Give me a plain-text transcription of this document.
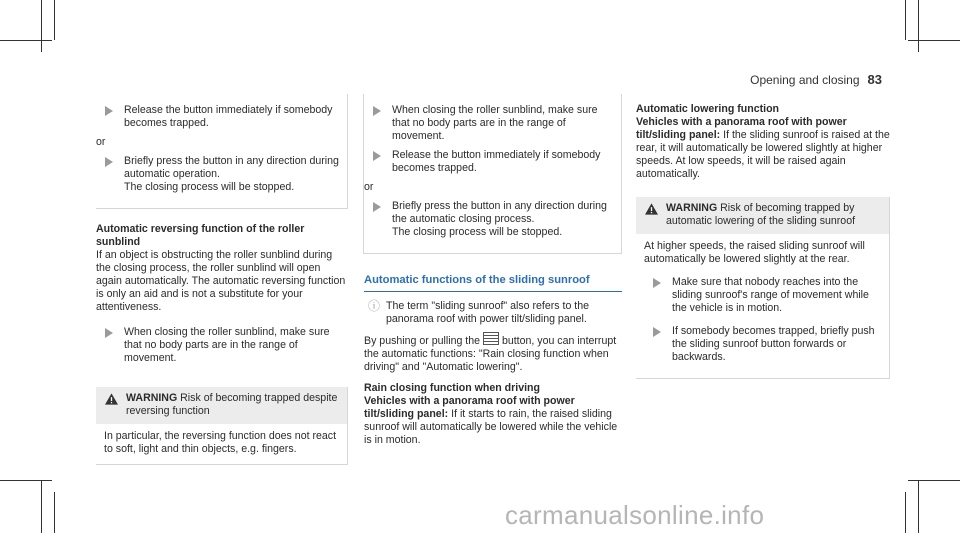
Opening and closing 83
Release the button immediately if somebody becomes trapped.
or
Briefly press the button in any direction during automatic operation.
The closing process will be stopped.

Automatic reversing function of the roller sunblind

If an object is obstructing the roller sunblind during the closing process, the roller sunblind will open again automatically. The automatic reversing function is only an aid and is not a substitute for your attentiveness.

When closing the roller sunblind, make sure that no body parts are in the range of movement.
WARNING Risk of becoming trapped despite reversing function
In particular, the reversing function does not react to soft, light and thin objects, e.g. fingers.
When closing the roller sunblind, make sure that no body parts are in the range of movement.
Release the button immediately if somebody becomes trapped.
or
Briefly press the button in any direction during the automatic closing process.
The closing process will be stopped.
Automatic functions of the sliding sunroof
ⓘ The term "sliding sunroof" also refers to the panorama roof with power tilt/sliding panel.

By pushing or pulling the button, you can interrupt the automatic functions: "Rain closing function when driving" and "Automatic lowering".

Rain closing function when driving

Vehicles with a panorama roof with power tilt/sliding panel: If it starts to rain, the raised sliding sunroof will automatically be lowered while the vehicle is in motion.

Automatic lowering function

Vehicles with a panorama roof with power tilt/sliding panel: If the sliding sunroof is raised at the rear, it will automatically be lowered slightly at higher speeds. At low speeds, it will be raised again automatically.

WARNING Risk of becoming trapped by automatic lowering of the sliding sunroof
At higher speeds, the raised sliding sunroof will automatically be lowered slightly at the rear.
Make sure that nobody reaches into the sliding sunroof's range of movement while the vehicle is in motion.
If somebody becomes trapped, briefly push the sliding sunroof button forwards or backwards.
carmanualsonline.info
